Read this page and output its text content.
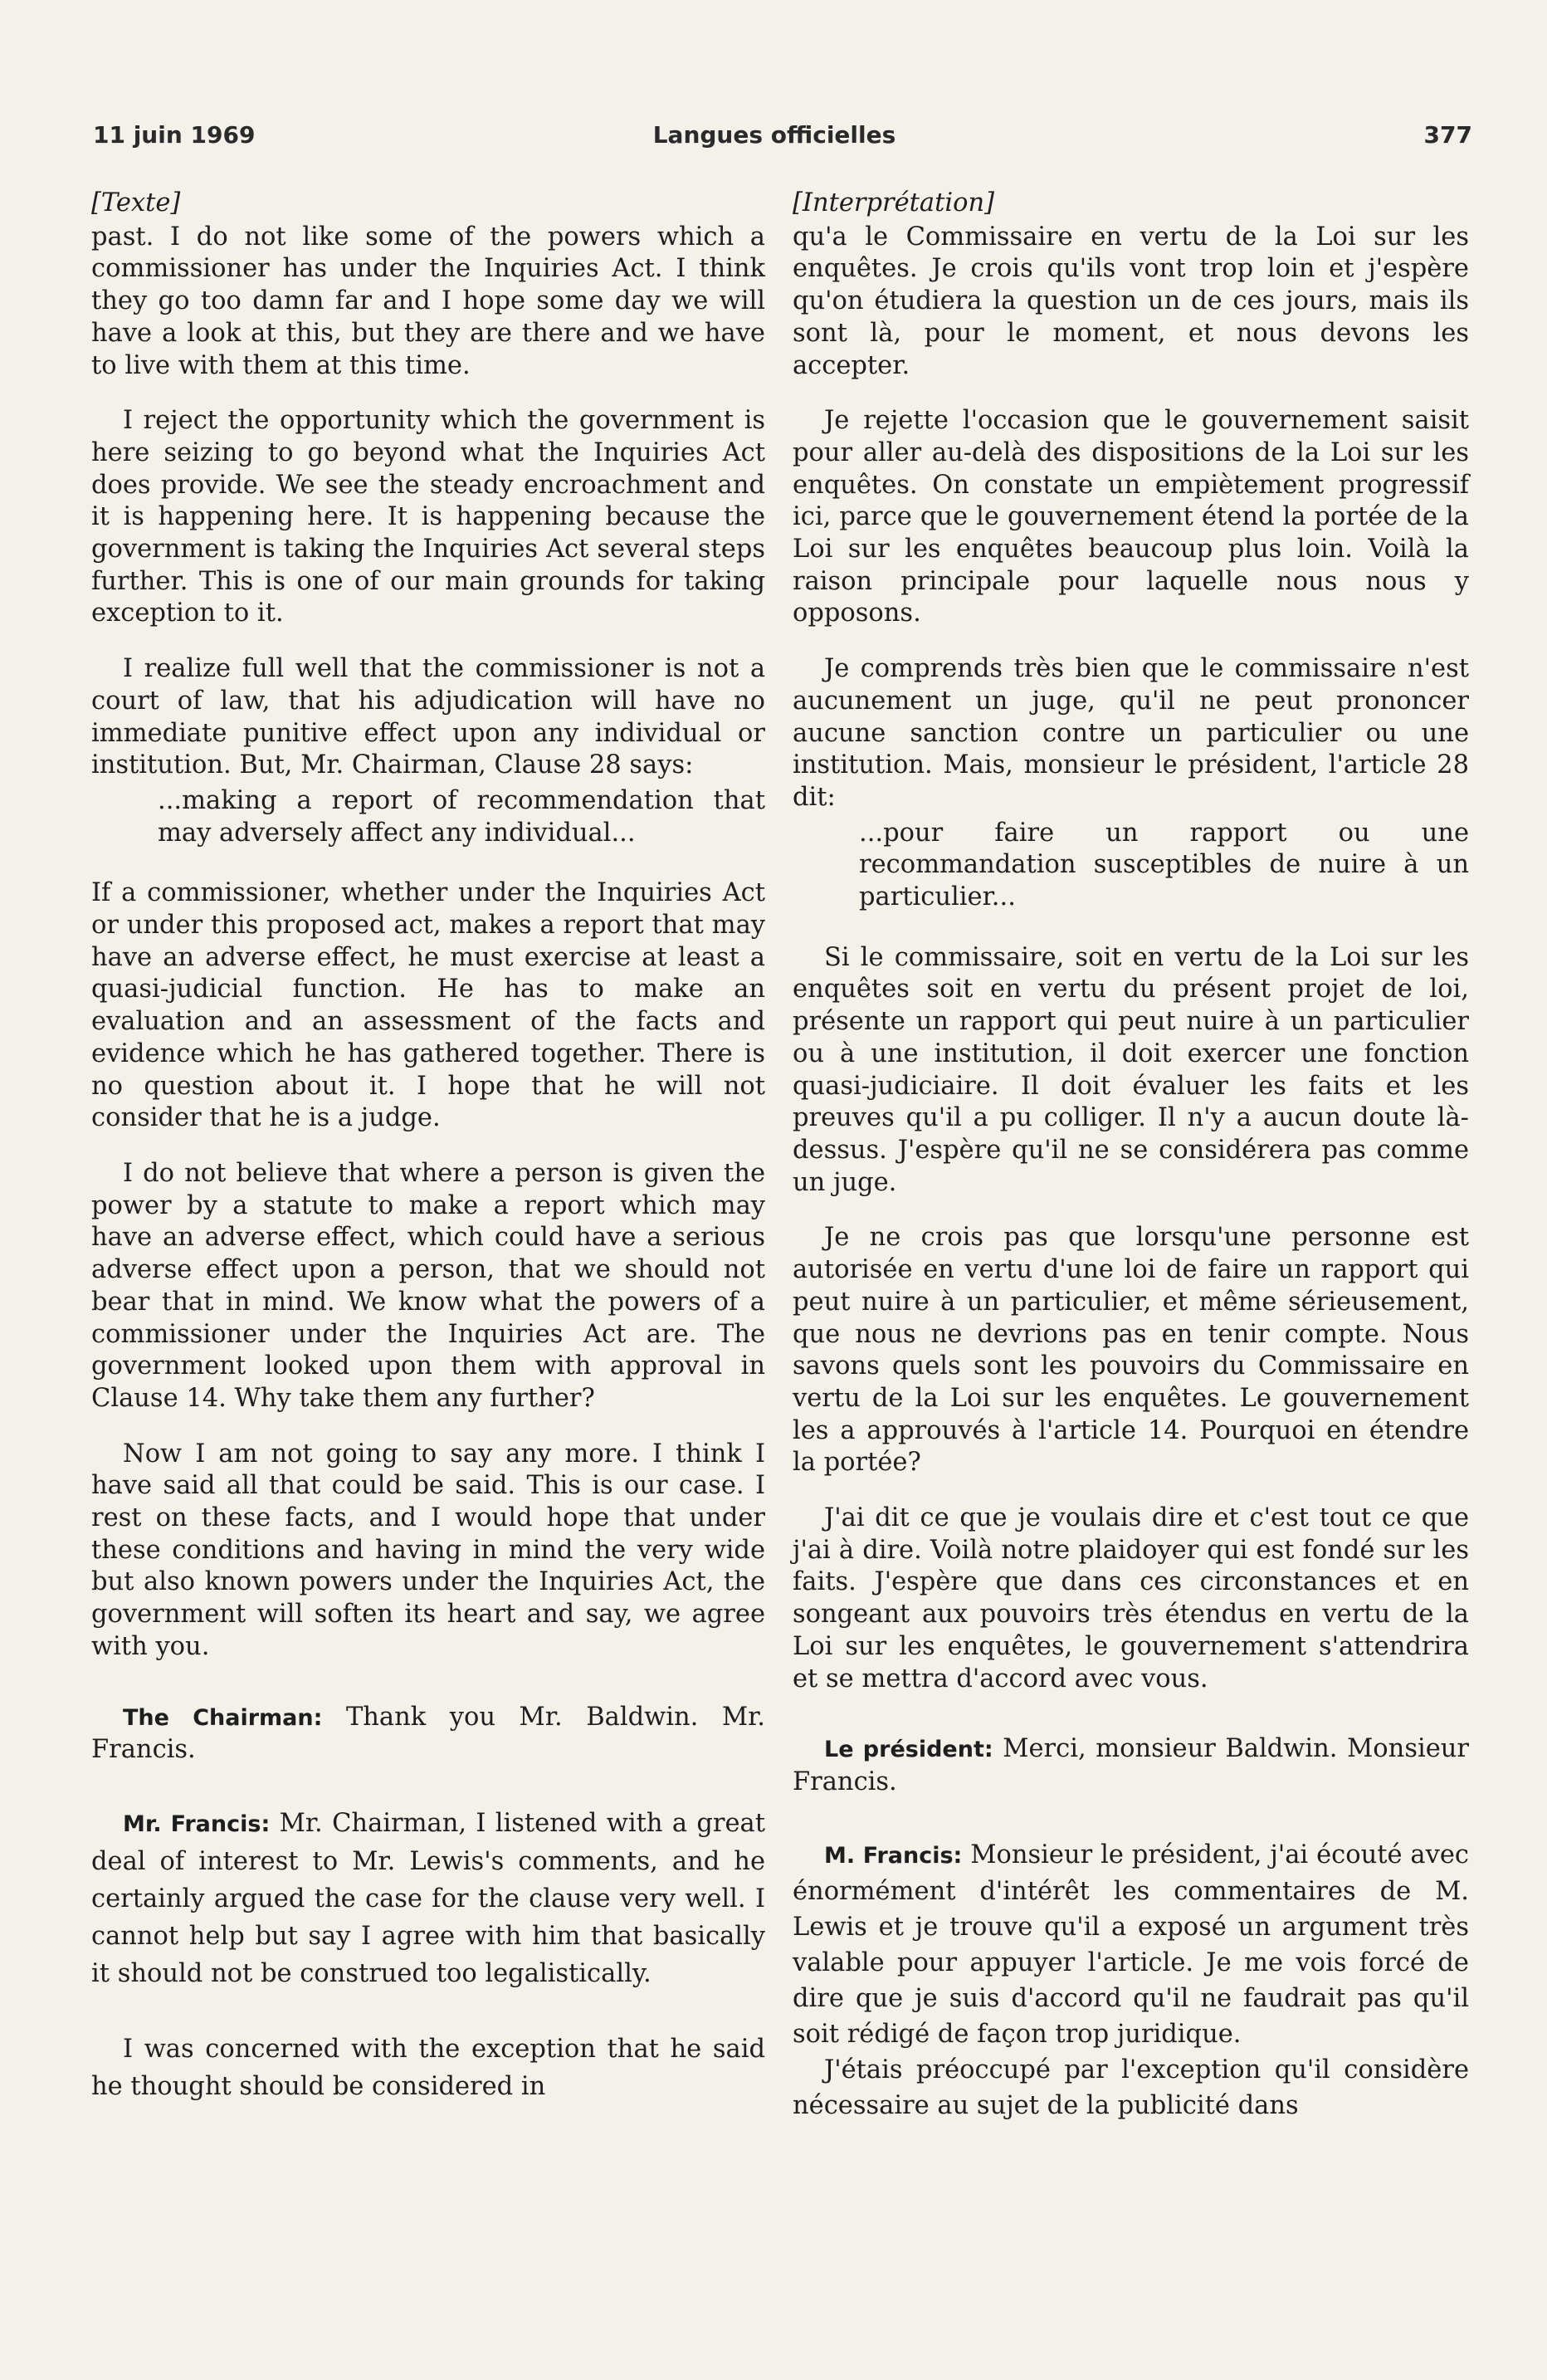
11 juin 1969	Langues officielles	377
[Texte]

past. I do not like some of the powers which a commissioner has under the Inquiries Act. I think they go too damn far and I hope some day we will have a look at this, but they are there and we have to live with them at this time.

I reject the opportunity which the government is here seizing to go beyond what the Inquiries Act does provide. We see the steady encroachment and it is happening here. It is happening because the government is taking the Inquiries Act several steps further. This is one of our main grounds for taking exception to it.

I realize full well that the commissioner is not a court of law, that his adjudication will have no immediate punitive effect upon any individual or institution. But, Mr. Chairman, Clause 28 says:

...making a report of recommendation that may adversely affect any individual...

If a commissioner, whether under the Inquiries Act or under this proposed act, makes a report that may have an adverse effect, he must exercise at least a quasi-judicial function. He has to make an evaluation and an assessment of the facts and evidence which he has gathered together. There is no question about it. I hope that he will not consider that he is a judge.

I do not believe that where a person is given the power by a statute to make a report which may have an adverse effect, which could have a serious adverse effect upon a person, that we should not bear that in mind. We know what the powers of a commissioner under the Inquiries Act are. The government looked upon them with approval in Clause 14. Why take them any further?

Now I am not going to say any more. I think I have said all that could be said. This is our case. I rest on these facts, and I would hope that under these conditions and having in mind the very wide but also known powers under the Inquiries Act, the government will soften its heart and say, we agree with you.

The Chairman: Thank you Mr. Baldwin. Mr. Francis.

Mr. Francis: Mr. Chairman, I listened with a great deal of interest to Mr. Lewis's comments, and he certainly argued the case for the clause very well. I cannot help but say I agree with him that basically it should not be construed too legalistically.

I was concerned with the exception that he said he thought should be considered in

[Interprétation]

qu'a le Commissaire en vertu de la Loi sur les enquêtes. Je crois qu'ils vont trop loin et j'espère qu'on étudiera la question un de ces jours, mais ils sont là, pour le moment, et nous devons les accepter.

Je rejette l'occasion que le gouvernement saisit pour aller au-delà des dispositions de la Loi sur les enquêtes. On constate un empiètement progressif ici, parce que le gouvernement étend la portée de la Loi sur les enquêtes beaucoup plus loin. Voilà la raison principale pour laquelle nous nous y opposons.

Je comprends très bien que le commissaire n'est aucunement un juge, qu'il ne peut prononcer aucune sanction contre un particulier ou une institution. Mais, monsieur le président, l'article 28 dit:

...pour faire un rapport ou une recommandation susceptibles de nuire à un particulier...

Si le commissaire, soit en vertu de la Loi sur les enquêtes soit en vertu du présent projet de loi, présente un rapport qui peut nuire à un particulier ou à une institution, il doit exercer une fonction quasi-judiciaire. Il doit évaluer les faits et les preuves qu'il a pu colliger. Il n'y a aucun doute là-dessus. J'espère qu'il ne se considérera pas comme un juge.

Je ne crois pas que lorsqu'une personne est autorisée en vertu d'une loi de faire un rapport qui peut nuire à un particulier, et même sérieusement, que nous ne devrions pas en tenir compte. Nous savons quels sont les pouvoirs du Commissaire en vertu de la Loi sur les enquêtes. Le gouvernement les a approuvés à l'article 14. Pourquoi en étendre la portée?

J'ai dit ce que je voulais dire et c'est tout ce que j'ai à dire. Voilà notre plaidoyer qui est fondé sur les faits. J'espère que dans ces circonstances et en songeant aux pouvoirs très étendus en vertu de la Loi sur les enquêtes, le gouvernement s'attendrira et se mettra d'accord avec vous.

Le président: Merci, monsieur Baldwin. Monsieur Francis.

M. Francis: Monsieur le président, j'ai écouté avec énormément d'intérêt les commentaires de M. Lewis et je trouve qu'il a exposé un argument très valable pour appuyer l'article. Je me vois forcé de dire que je suis d'accord qu'il ne faudrait pas qu'il soit rédigé de façon trop juridique.

J'étais préoccupé par l'exception qu'il considère nécessaire au sujet de la publicité dans
